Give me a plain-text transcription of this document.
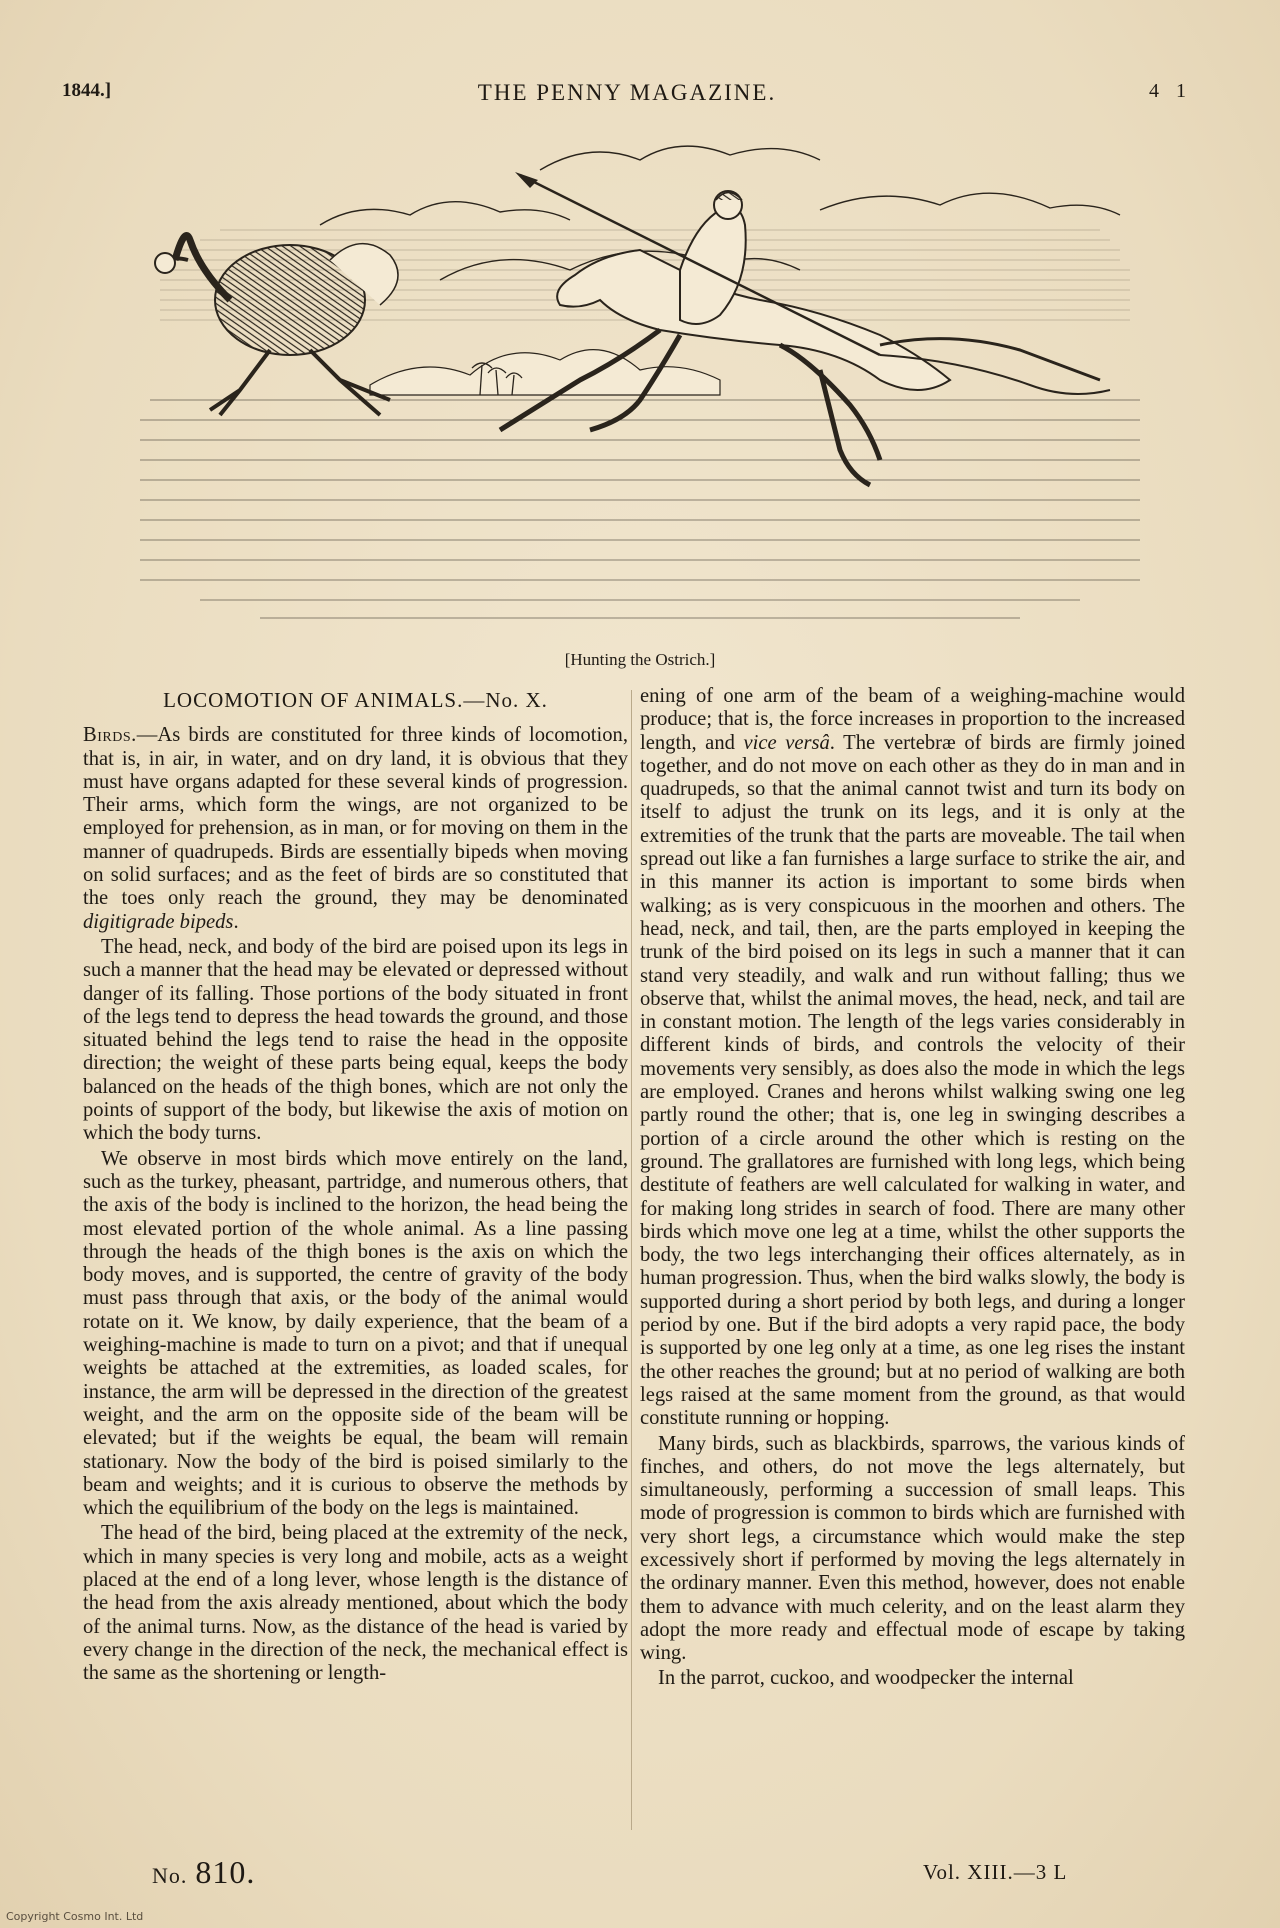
1844.]	THE PENNY MAGAZINE.	4 1
[Hunting the Ostrich.]
LOCOMOTION OF ANIMALS.—No. X.

Birds.—As birds are constituted for three kinds of locomotion, that is, in air, in water, and on dry land, it is obvious that they must have organs adapted for these several kinds of progression. Their arms, which form the wings, are not organized to be employed for prehension, as in man, or for moving on them in the manner of quadrupeds. Birds are essentially bipeds when moving on solid surfaces; and as the feet of birds are so constituted that the toes only reach the ground, they may be denominated digitigrade bipeds.

The head, neck, and body of the bird are poised upon its legs in such a manner that the head may be elevated or depressed without danger of its falling. Those portions of the body situated in front of the legs tend to depress the head towards the ground, and those situated behind the legs tend to raise the head in the opposite direction; the weight of these parts being equal, keeps the body balanced on the heads of the thigh bones, which are not only the points of support of the body, but likewise the axis of motion on which the body turns.

We observe in most birds which move entirely on the land, such as the turkey, pheasant, partridge, and numerous others, that the axis of the body is inclined to the horizon, the head being the most elevated portion of the whole animal. As a line passing through the heads of the thigh bones is the axis on which the body moves, and is supported, the centre of gravity of the body must pass through that axis, or the body of the animal would rotate on it. We know, by daily experience, that the beam of a weighing-machine is made to turn on a pivot; and that if unequal weights be attached at the extremities, as loaded scales, for instance, the arm will be depressed in the direction of the greatest weight, and the arm on the opposite side of the beam will be elevated; but if the weights be equal, the beam will remain stationary. Now the body of the bird is poised similarly to the beam and weights; and it is curious to observe the methods by which the equilibrium of the body on the legs is maintained.

The head of the bird, being placed at the extremity of the neck, which in many species is very long and mobile, acts as a weight placed at the end of a long lever, whose length is the distance of the head from the axis already mentioned, about which the body of the animal turns. Now, as the distance of the head is varied by every change in the direction of the neck, the mechanical effect is the same as the shortening or length-

ening of one arm of the beam of a weighing-machine would produce; that is, the force increases in proportion to the increased length, and vice versâ. The vertebræ of birds are firmly joined together, and do not move on each other as they do in man and in quadrupeds, so that the animal cannot twist and turn its body on itself to adjust the trunk on its legs, and it is only at the extremities of the trunk that the parts are moveable. The tail when spread out like a fan furnishes a large surface to strike the air, and in this manner its action is important to some birds when walking; as is very conspicuous in the moorhen and others. The head, neck, and tail, then, are the parts employed in keeping the trunk of the bird poised on its legs in such a manner that it can stand very steadily, and walk and run without falling; thus we observe that, whilst the animal moves, the head, neck, and tail are in constant motion. The length of the legs varies considerably in different kinds of birds, and controls the velocity of their movements very sensibly, as does also the mode in which the legs are employed. Cranes and herons whilst walking swing one leg partly round the other; that is, one leg in swinging describes a portion of a circle around the other which is resting on the ground. The grallatores are furnished with long legs, which being destitute of feathers are well calculated for walking in water, and for making long strides in search of food. There are many other birds which move one leg at a time, whilst the other supports the body, the two legs interchanging their offices alternately, as in human progression. Thus, when the bird walks slowly, the body is supported during a short period by both legs, and during a longer period by one. But if the bird adopts a very rapid pace, the body is supported by one leg only at a time, as one leg rises the instant the other reaches the ground; but at no period of walking are both legs raised at the same moment from the ground, as that would constitute running or hopping.

Many birds, such as blackbirds, sparrows, the various kinds of finches, and others, do not move the legs alternately, but simultaneously, performing a succession of small leaps. This mode of progression is common to birds which are furnished with very short legs, a circumstance which would make the step excessively short if performed by moving the legs alternately in the ordinary manner. Even this method, however, does not enable them to advance with much celerity, and on the least alarm they adopt the more ready and effectual mode of escape by taking wing.

In the parrot, cuckoo, and woodpecker the internal

No. 810.	Vol. XIII.—3 L
Copyright Cosmo Int. Ltd
